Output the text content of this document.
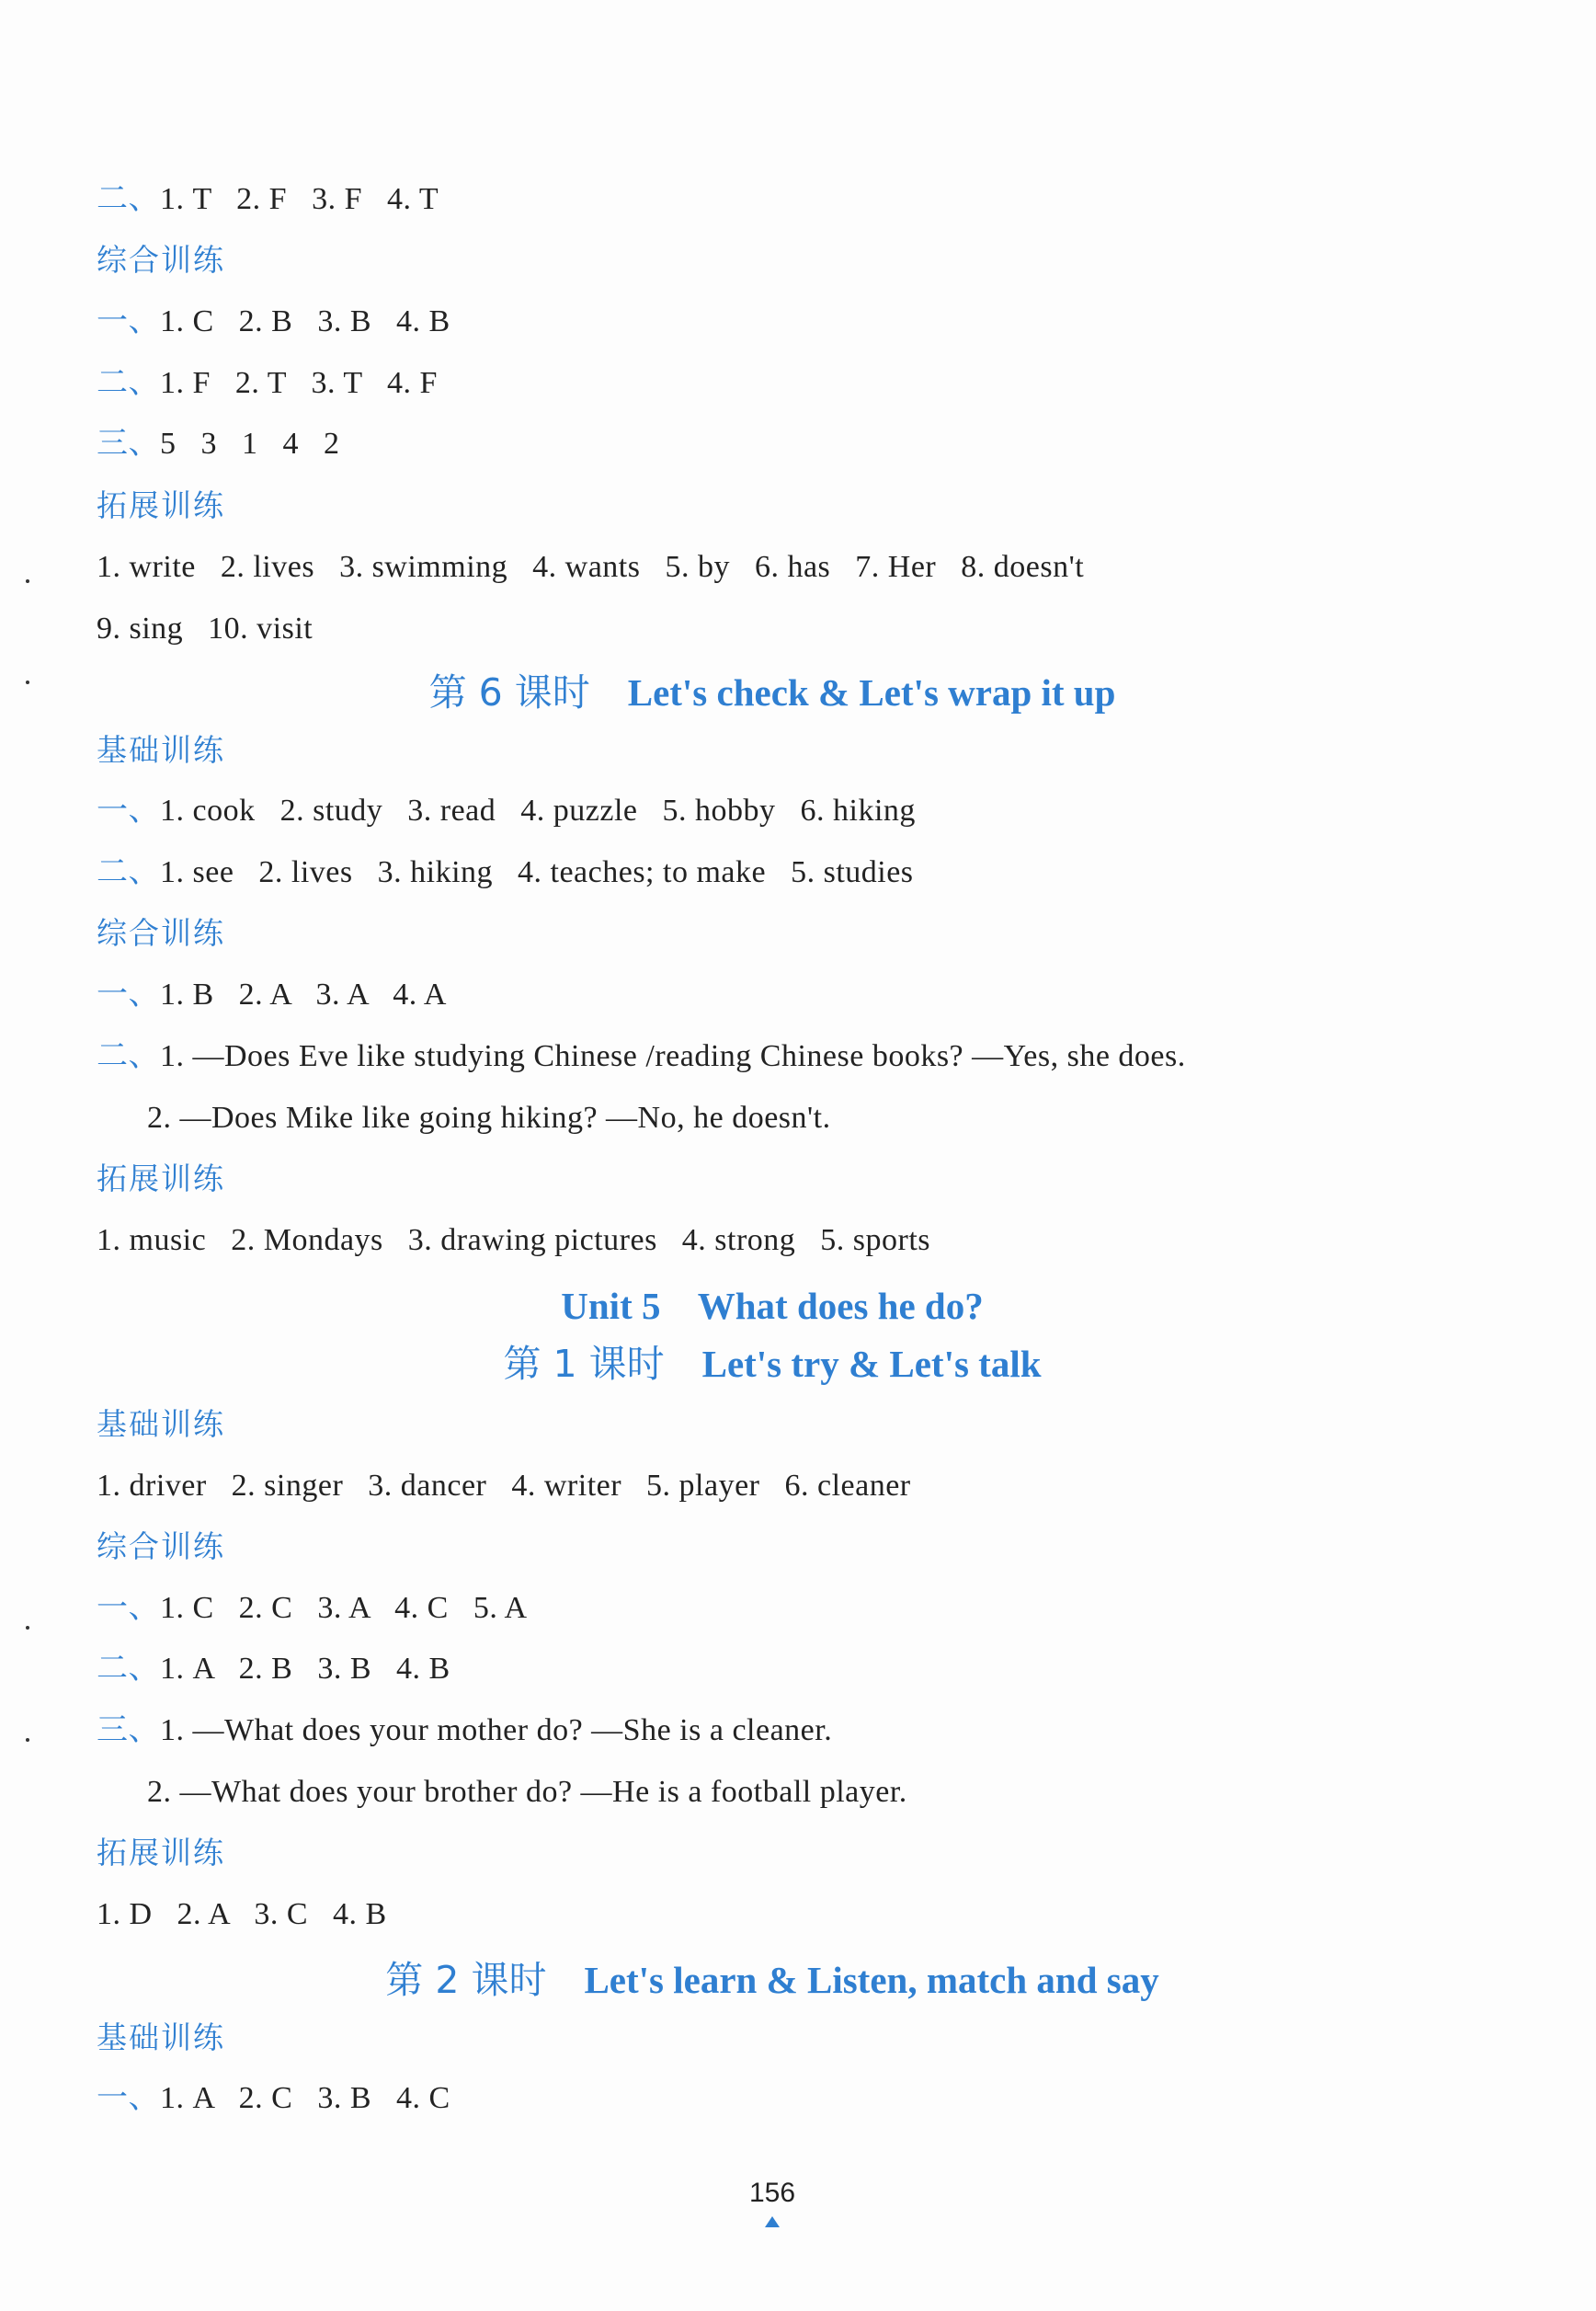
二、1. T   2. F   3. F   4. T
综合训练
一、1. C   2. B   3. B   4. B
二、1. F   2. T   3. T   4. F
三、5   3   1   4   2
拓展训练
1. write   2. lives   3. swimming   4. wants   5. by   6. has   7. Her   8. doesn't
9. sing   10. visit
第 6 课时 Let's check & Let's wrap it up
基础训练
一、1. cook   2. study   3. read   4. puzzle   5. hobby   6. hiking
二、1. see   2. lives   3. hiking   4. teaches; to make   5. studies
综合训练
一、1. B   2. A   3. A   4. A
二、1. —Does Eve like studying Chinese /reading Chinese books? —Yes, she does.
2. —Does Mike like going hiking? —No, he doesn't.
拓展训练
1. music   2. Mondays   3. drawing pictures   4. strong   5. sports
Unit 5 What does he do?
第 1 课时 Let's try & Let's talk
基础训练
1. driver   2. singer   3. dancer   4. writer   5. player   6. cleaner
综合训练
一、1. C   2. C   3. A   4. C   5. A
二、1. A   2. B   3. B   4. B
三、1. —What does your mother do? —She is a cleaner.
2. —What does your brother do? —He is a football player.
拓展训练
1. D   2. A   3. C   4. B
第 2 课时 Let's learn & Listen, match and say
基础训练
一、1. A   2. C   3. B   4. C
156
